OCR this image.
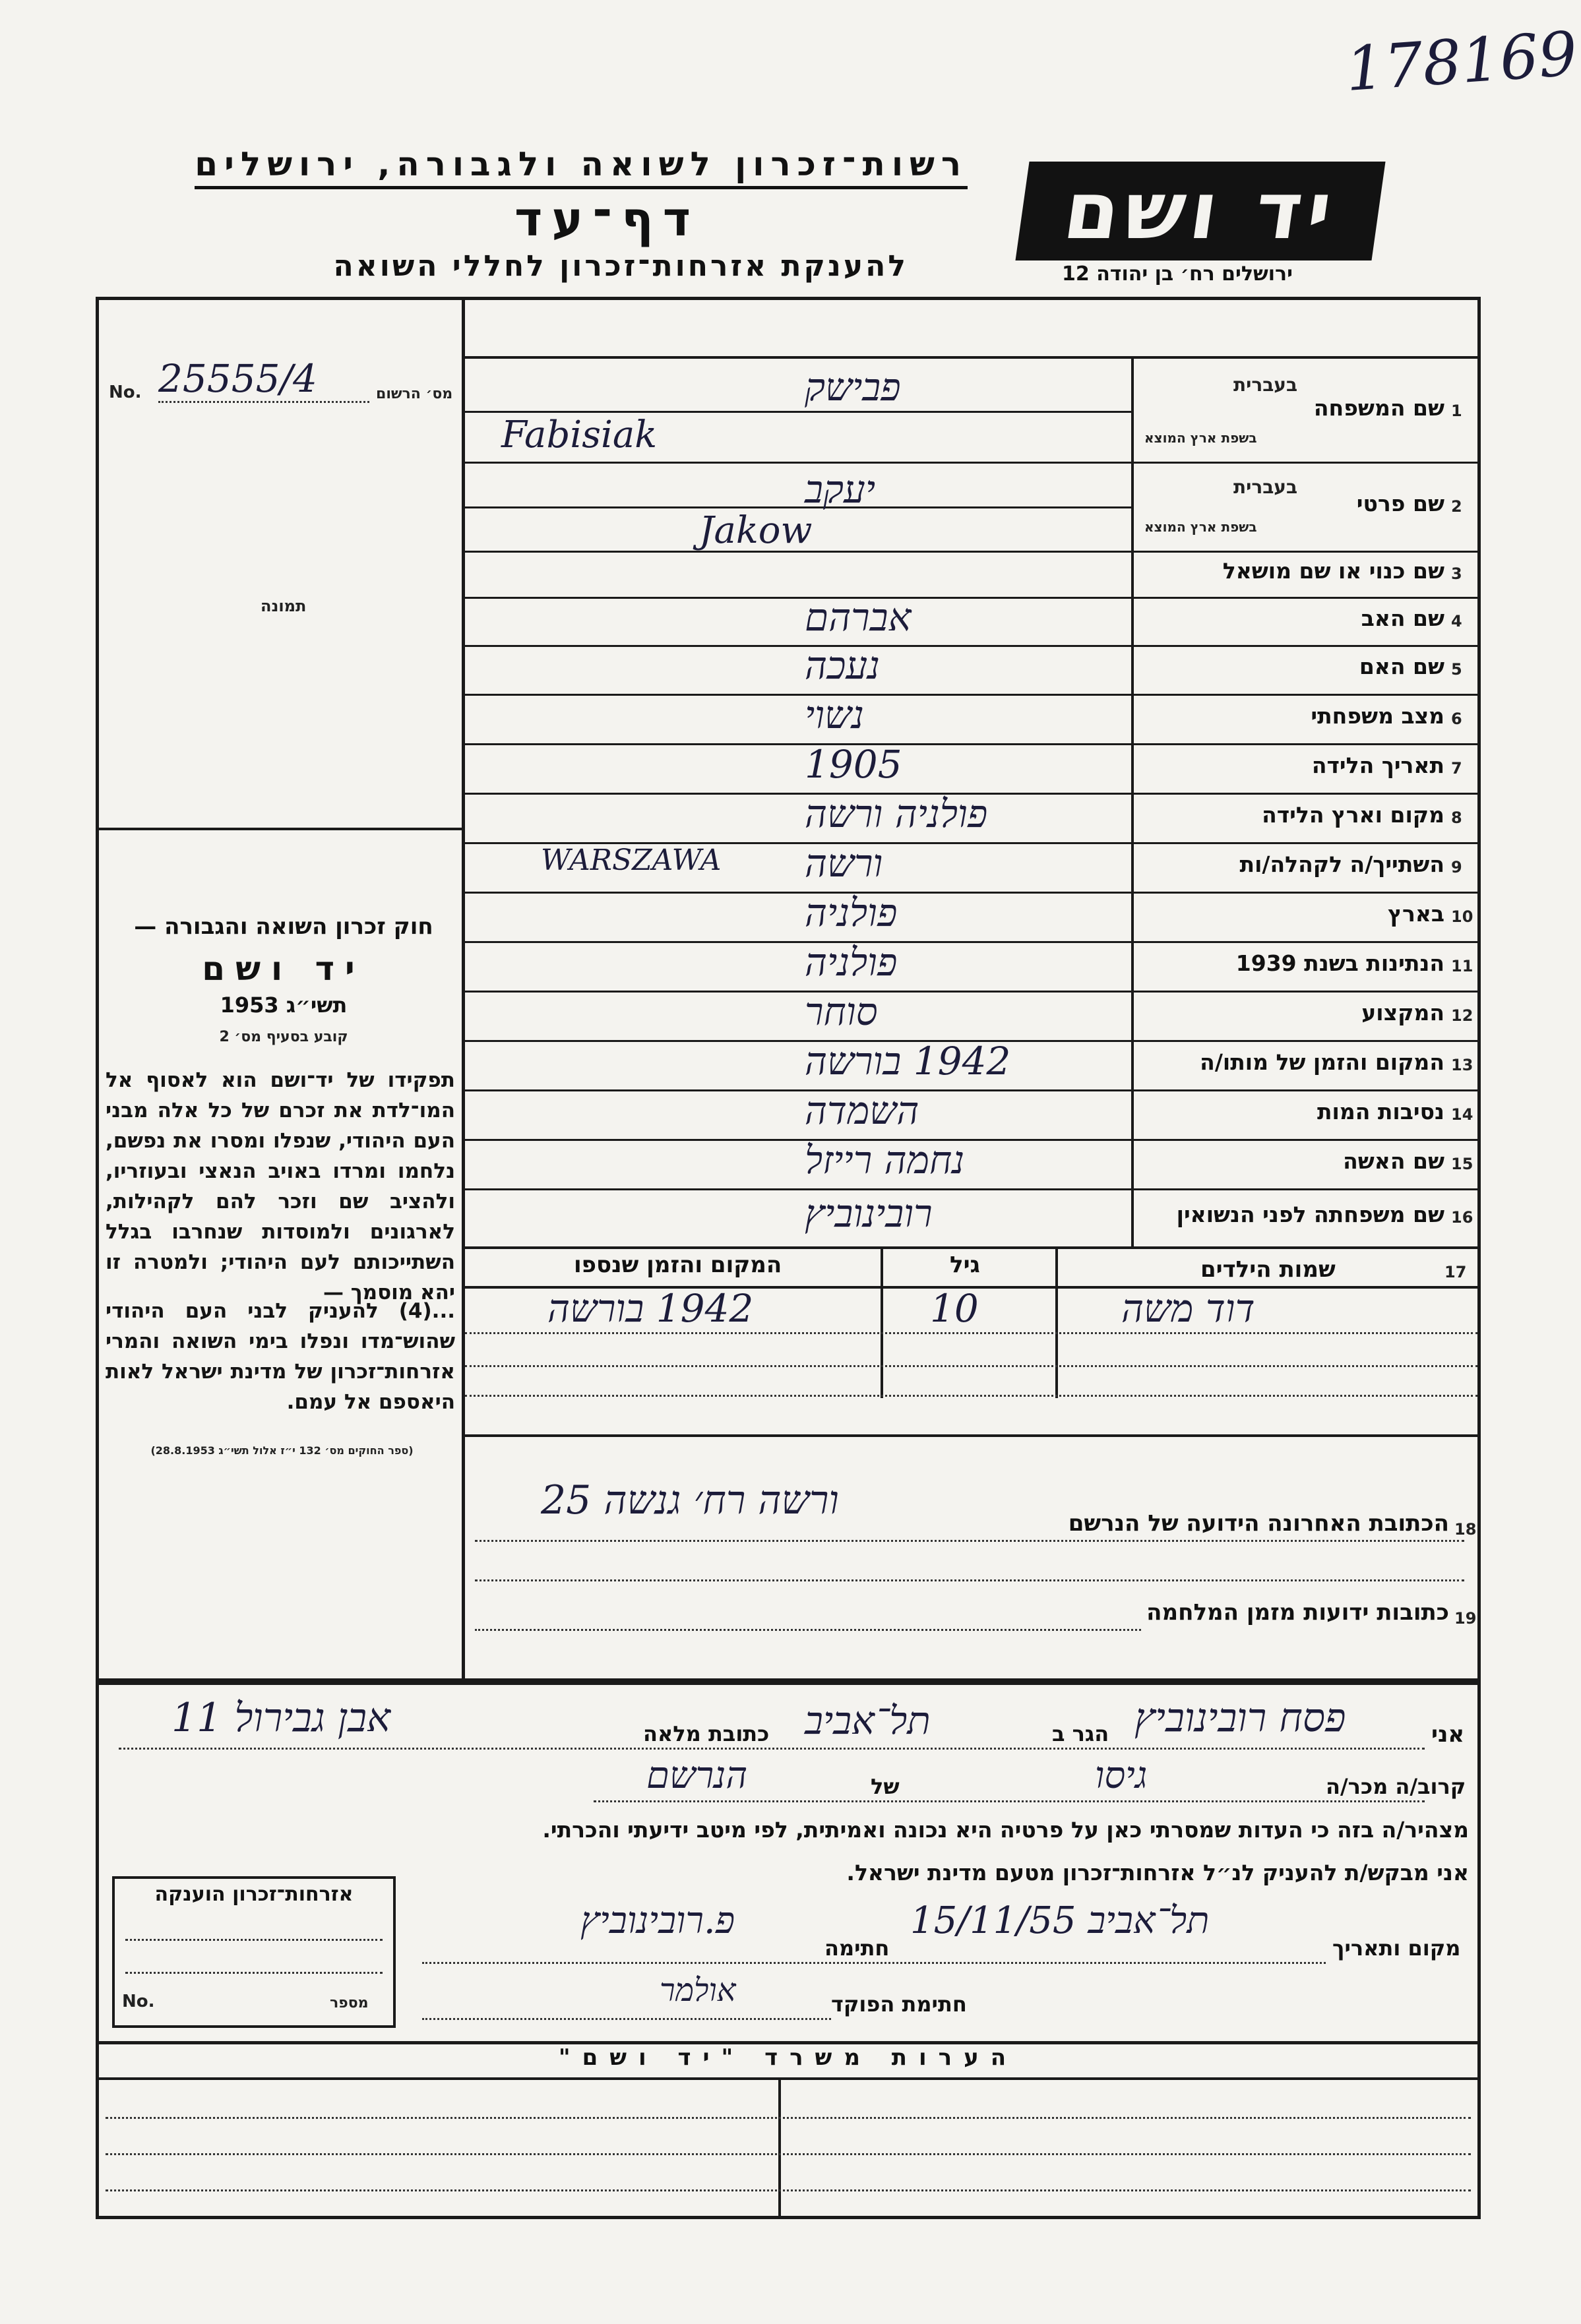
178169
רשות־זכרון לשואה ולגבורה, ירושלים
דף־עד
להענקת אזרחות־זכרון לחללי השואה
יד ושם
ירושלים רח׳ בן יהודה 12
מס׳ הרשום
No. 25555/4
תמונה
1
שם המשפחה
בעברית
בשפת ארץ המוצא
פבישק
Fabisiak
2
שם פרטי
בעברית
בשפת ארץ המוצא
יעקב
Jakow
3
שם כנוי או שם מושאל
4
שם האב
אברהם
5
שם האם
נעכה
6
מצב משפחתי
נשוי
7
תאריך הלידה
1905
8
מקום וארץ הלידה
פולניה ורשה
9
השתייך/ה לקהלה/ות
ורשה
WARSZAWA
10
בארץ
פולניה
11
הנתינות בשנת 1939
פולניה
12
המקצוע
סוחר
13
המקום והזמן של מותו/ה
1942 בורשה
14
נסיבות המות
השמדה
15
שם האשה
נחמה רייזל
16
שם משפחתה לפני הנשואין
רובינוביץ
17
שמות הילדים
גיל
המקום והזמן שנספו
דוד משה
10
1942 בורשה
18
הכתובת האחרונה הידועה של הנרשם
ורשה רח׳ גנשה 25
19
כתובות ידועות מזמן המלחמה
חוק זכרון השואה והגבורה —
יד ושם
תשי״ג 1953
קובע בסעיף מס׳ 2
תפקידו של יד־ושם הוא לאסוף אל המו־לדת את זכרם של כל אלה מבני העם היהודי, שנפלו ומסרו את נפשם, נלחמו ומרדו באויב הנאצי ובעוזריו, ולהציב שם וזכר להם לקהילות, לארגונים ולמוסדות שנחרבו בגלל השתייכותם לעם היהודי; ולמטרה זו יהא מוסמך —
...(4) להעניק לבני העם היהודי שהוש־מדו ונפלו בימי השואה והמרי אזרחות־זכרון של מדינת ישראל לאות היאספם אל עמם.
(ספר החוקים מס׳ 132 י״ז אלול תשי״ג 28.8.1953)
אני
פסח רובינוביץ
הגר ב
תל־אביב
כתובת מלאה
אבן גבירול 11
קרוב/ה מכר/ה
גיסו
של
הנרשם
מצהיר/ה בזה כי העדות שמסרתי כאן על פרטיה היא נכונה ואמיתית, לפי מיטב ידיעתי והכרתי.
אני מבקש/ת להעניק לנ״ל אזרחות־זכרון מטעם מדינת ישראל.
מקום ותאריך
תל־אביב 15/11/55
חתימה
פ.רובינוביץ
חתימת הפוקד
אולמר
אזרחות־זכרון הוענקה
No.	מספר
הערות משרד "יד ושם"
